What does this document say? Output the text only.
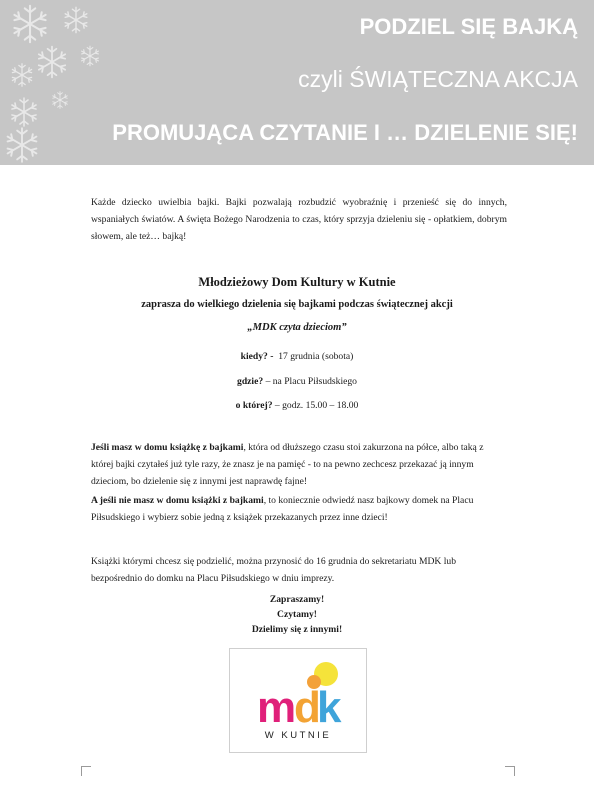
PODZIEL SIĘ BAJKĄ
czyli ŚWIĄTECZNA AKCJA
PROMUJĄCA CZYTANIE I … DZIELENIE SIĘ!
Każde dziecko uwielbia bajki. Bajki pozwalają rozbudzić wyobraźnię i przenieść się do innych, wspaniałych światów. A święta Bożego Narodzenia to czas, który sprzyja dzieleniu się - opłatkiem, dobrym słowem, ale też… bajką!
Młodzieżowy Dom Kultury w Kutnie
zaprasza do wielkiego dzielenia się bajkami podczas świątecznej akcji
„MDK czyta dzieciom”
kiedy? - 17 grudnia (sobota)
gdzie? – na Placu Piłsudskiego
o której? – godz. 15.00 – 18.00
Jeśli masz w domu książkę z bajkami, która od dłuższego czasu stoi zakurzona na półce, albo taką z której bajki czytałeś już tyle razy, że znasz je na pamięć - to na pewno zechcesz przekazać ją innym dzieciom, bo dzielenie się z innymi jest naprawdę fajne!
A jeśli nie masz w domu książki z bajkami, to koniecznie odwiedź nasz bajkowy domek na Placu Piłsudskiego i wybierz sobie jedną z książek przekazanych przez inne dzieci!
Książki którymi chcesz się podzielić, można przynosić do 16 grudnia do sekretariatu MDK lub bezpośrednio do domku na Placu Piłsudskiego w dniu imprezy.
Zapraszamy!
Czytamy!
Dzielimy się z innymi!
m
d
k
W KUTNIE
